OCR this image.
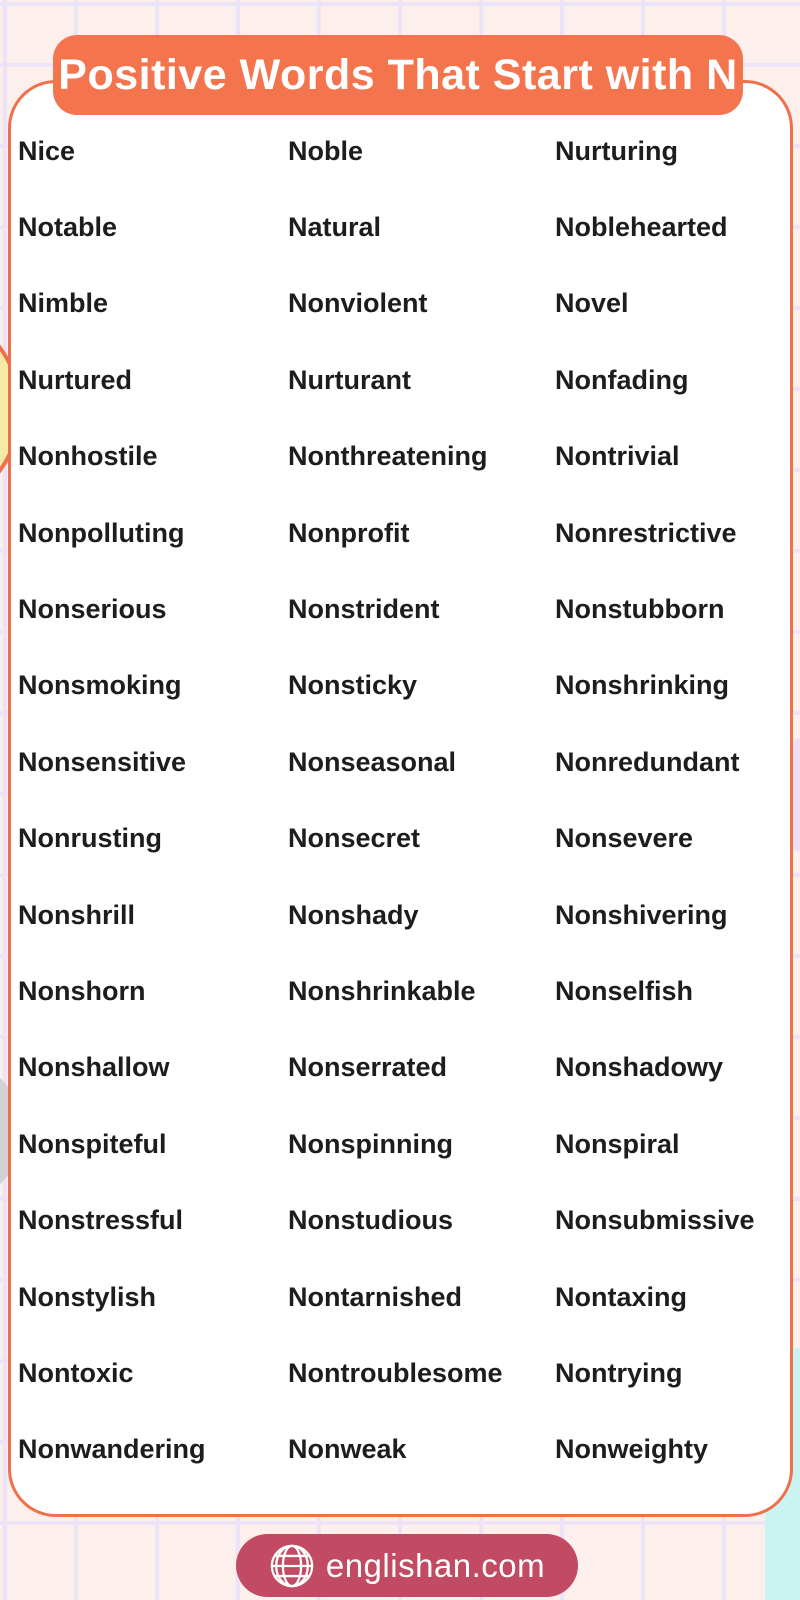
Nice	Noble	Nurturing
Notable	Natural	Noblehearted
Nimble	Nonviolent	Novel
Nurtured	Nurturant	Nonfading
Nonhostile	Nonthreatening	Nontrivial
Nonpolluting	Nonprofit	Nonrestrictive
Nonserious	Nonstrident	Nonstubborn
Nonsmoking	Nonsticky	Nonshrinking
Nonsensitive	Nonseasonal	Nonredundant
Nonrusting	Nonsecret	Nonsevere
Nonshrill	Nonshady	Nonshivering
Nonshorn	Nonshrinkable	Nonselfish
Nonshallow	Nonserrated	Nonshadowy
Nonspiteful	Nonspinning	Nonspiral
Nonstressful	Nonstudious	Nonsubmissive
Nonstylish	Nontarnished	Nontaxing
Nontoxic	Nontroublesome	Nontrying
Nonwandering	Nonweak	Nonweighty
Positive Words That Start with N
englishan.com
